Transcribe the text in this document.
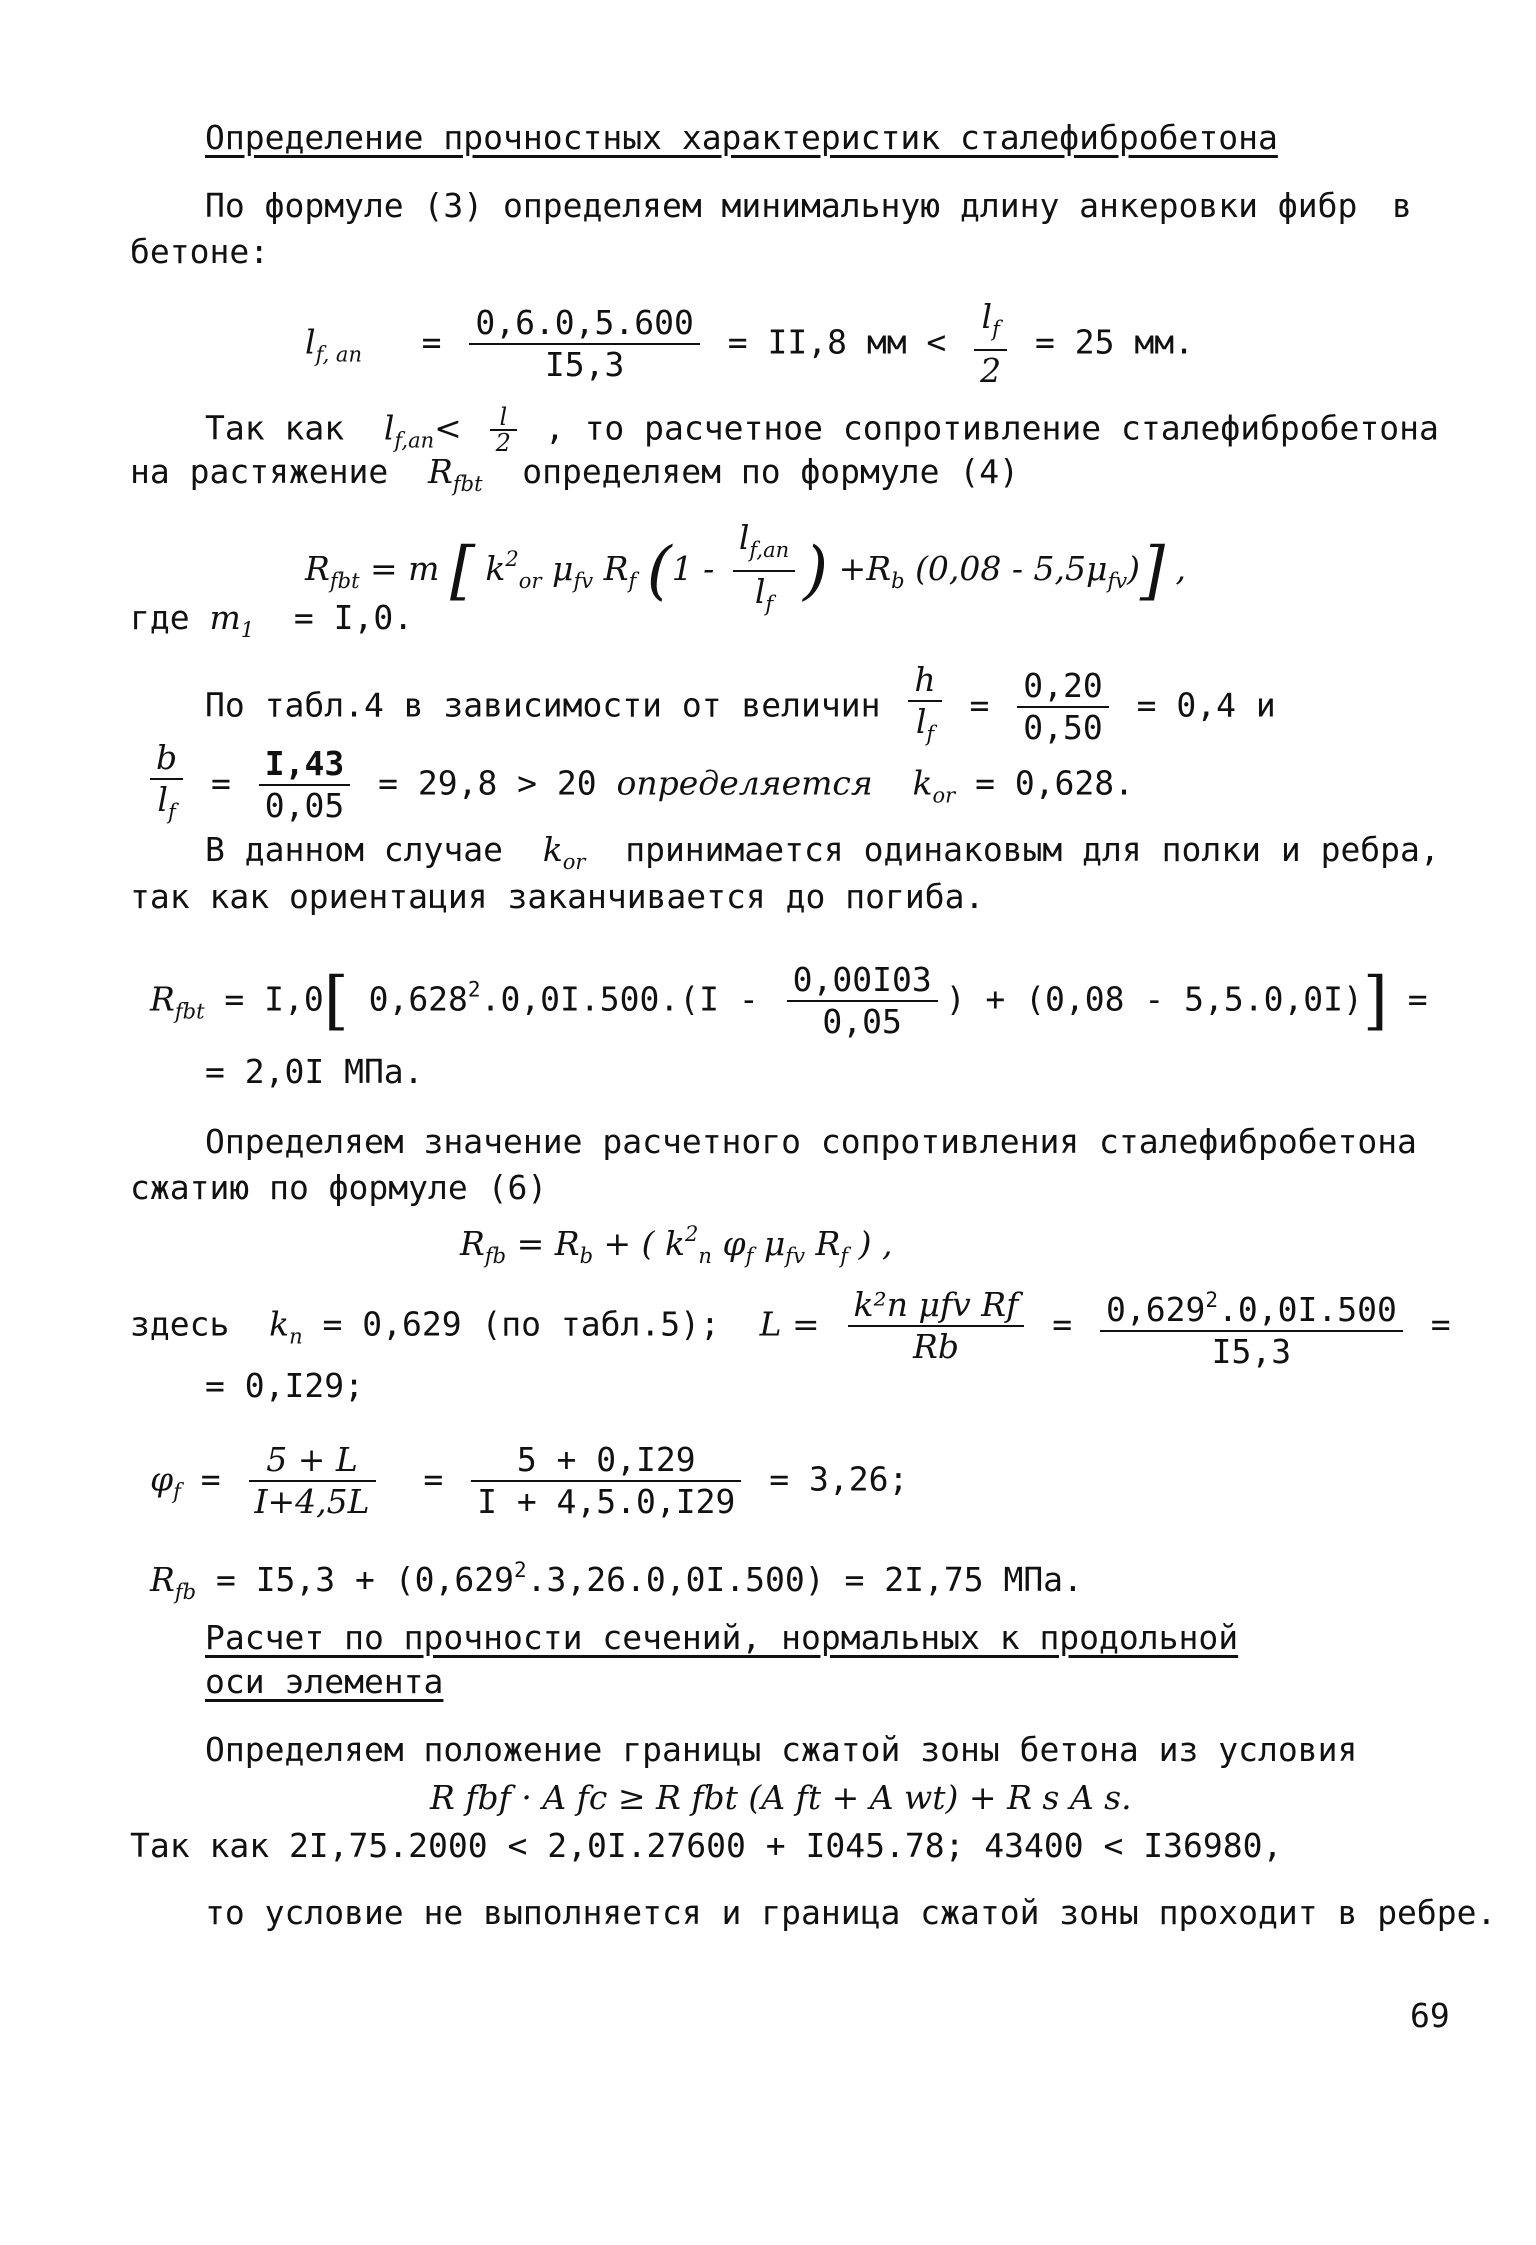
Определение прочностных характеристик сталефибробетона
По формуле (3) определяем минимальную длину анкеровки фибр в
бетоне:
$l_{f, an} = \frac{0,6.0,5.600}{I5,3} = II,8$ мм < $\frac{l_f}{2} = 25$ мм.
Так как $l_{f,an}< \frac{l}{2}$ , то расчетное сопротивление сталефибробетона
на растяжение $R_{fbt}$ определяем по формуле (4)
$R_{fbt} = m$ [ $k^2_{or}$ $\mu_{fv}$ $R_f$ ($1 - \frac{l_{f,an}}{l_f}$ ) $+R_b$ $(0,08 - 5,5\mu_{fv})$] ,
где $m_1 = I,0$.
По табл.4 в зависимости от величин $\frac{h}{l_f} = \frac{0,20}{0,50} = 0,4$ и
$\frac{b}{l_f} = \frac{I,43}{0,05} = 29,8 > 20$ определяется $k_{or} = 0,628$.
В данном случае $k_{or}$ принимается одинаковым для полки и ребра,
так как ориентация заканчивается до погиба.
$R_{fbt} = I,0$[ $0,628^2.0,0I.500.(I - \frac{0,00I03}{0,05}$ ) + (0,08 - 5,5.0,0I)] =
= 2,0I МПа.
Определяем значение расчетного сопротивления сталефибробетона
сжатию по формуле (6)
$R_{fb} = R_b$ + ( $k^2_n$ $\varphi_f$ $\mu_{fv}$ $R_f$ ) ,
здесь $k_n = 0,629$ (по табл.5); $L = \frac{\text{k²n μfv Rf}}{Rb} = \frac{0,629^2.0,0I.500}{I5,3}$ =
= 0,I29;
$\varphi_f = \frac{5 + L}{I+4,5L} = \frac{5 + 0,I29}{I + 4,5.0,I29} = 3,26$;
$R_{fb} = I5,3 + (0,629^2.3,26.0,0I.500) = 2I,75$ МПа.
Расчет по прочности сечений, нормальных к продольной
оси элемента
Определяем положение границы сжатой зоны бетона из условия
R fbf · A fc ≥ R fbt (A ft + A wt) + R s A s.
Так как 2I,75.2000 < 2,0I.27600 + I045.78; 43400 < I36980,
то условие не выполняется и граница сжатой зоны проходит в ребре.
69
